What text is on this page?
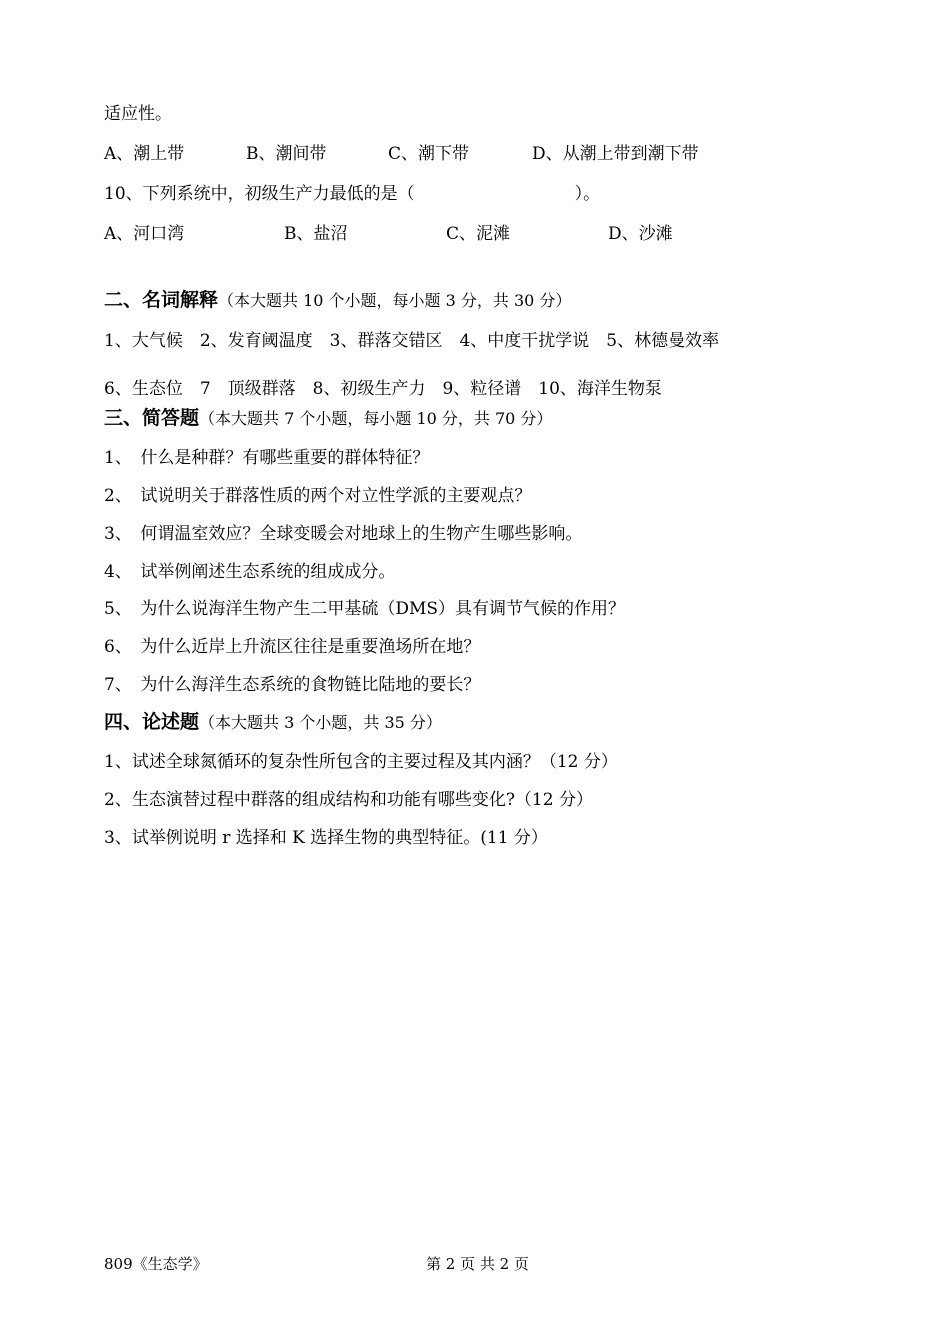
适应性。
A、潮上带	B、潮间带	C、潮下带	D、从潮上带到潮下带
10、下列系统中，初级生产力最低的是（	）。
A、河口湾	B、盐沼	C、泥滩	D、沙滩
二、名词解释（本大题共 10 个小题，每小题 3 分，共 30 分）
1、大气候　2、发育阈温度　3、群落交错区　4、中度干扰学说　5、林德曼效率
6、生态位　7　顶级群落　8、初级生产力　9、粒径谱　10、海洋生物泵
三、简答题（本大题共 7 个小题，每小题 10 分，共 70 分）
1、　什么是种群？有哪些重要的群体特征？
2、　试说明关于群落性质的两个对立性学派的主要观点？
3、　何谓温室效应？全球变暖会对地球上的生物产生哪些影响。
4、　试举例阐述生态系统的组成成分。
5、　为什么说海洋生物产生二甲基硫（DMS）具有调节气候的作用？
6、　为什么近岸上升流区往往是重要渔场所在地？
7、　为什么海洋生态系统的食物链比陆地的要长？
四、论述题（本大题共 3 个小题，共 35 分）
1、试述全球氮循环的复杂性所包含的主要过程及其内涵？（12 分）
2、生态演替过程中群落的组成结构和功能有哪些变化?（12 分）
3、试举例说明 r 选择和 K 选择生物的典型特征。(11 分）
809《生态学》	第 2 页 共 2 页
